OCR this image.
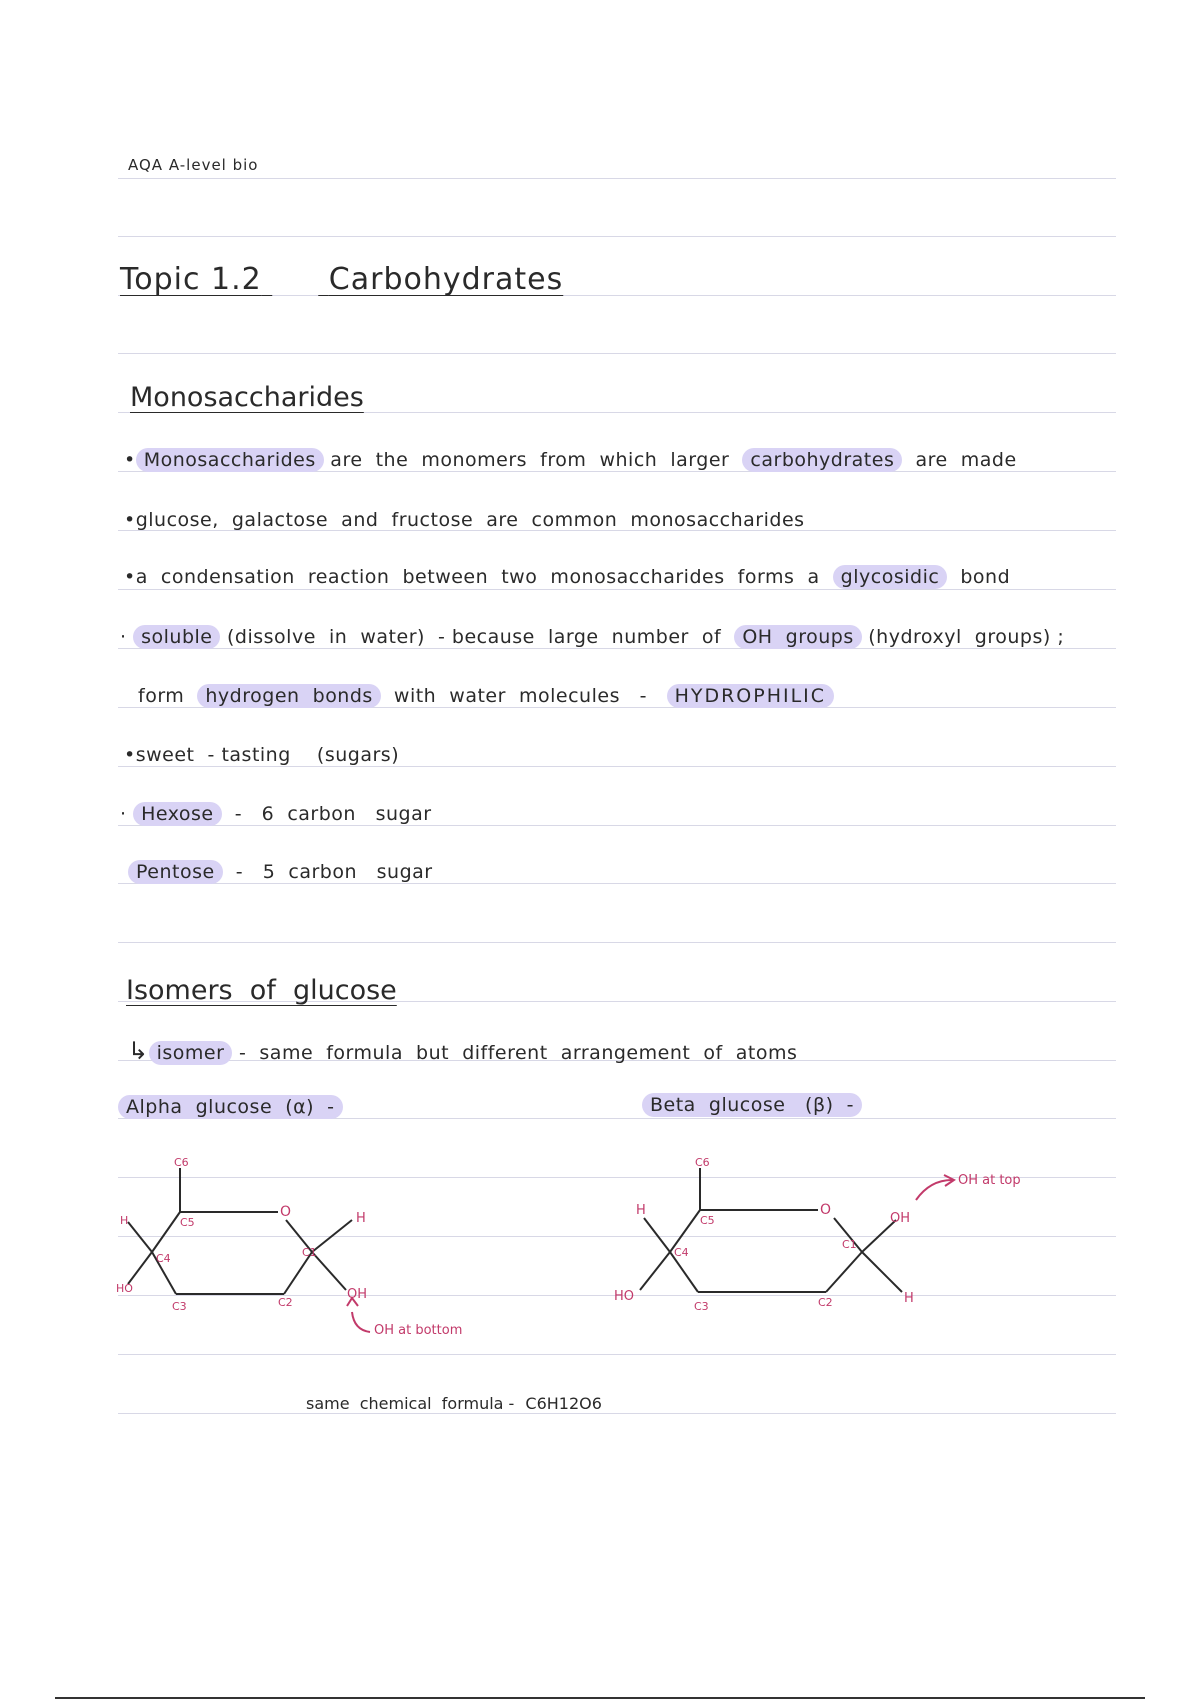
AQA A-level bio
Topic 1.2 Carbohydrates
Monosaccharides
• Monosaccharides are  the  monomers  from  which  larger  carbohydrates  are  made
•glucose,  galactose  and  fructose  are  common  monosaccharides
•a  condensation  reaction  between  two  monosaccharides  forms  a  glycosidic  bond
· soluble (dissolve  in  water)  - because  large  number  of  OH  groups (hydroxyl  groups) ;
form  hydrogen  bonds  with  water  molecules   -   HYDROPHILIC
•sweet  - tasting    (sugars)
· Hexose  -   6  carbon   sugar
Pentose  -   5  carbon   sugar
Isomers  of  glucose
↳ isomer -  same  formula  but  different  arrangement  of  atoms
Alpha  glucose  (α)  -	Beta  glucose   (β)  -
C6
C5
C4
C3	C2
C1
O
H
HO
H
OH
OH at bottom
C6
C5
C4
C3	C2
C1
O
H
HO
OH
H
OH at top
same  chemical  formula - C6H12O6
